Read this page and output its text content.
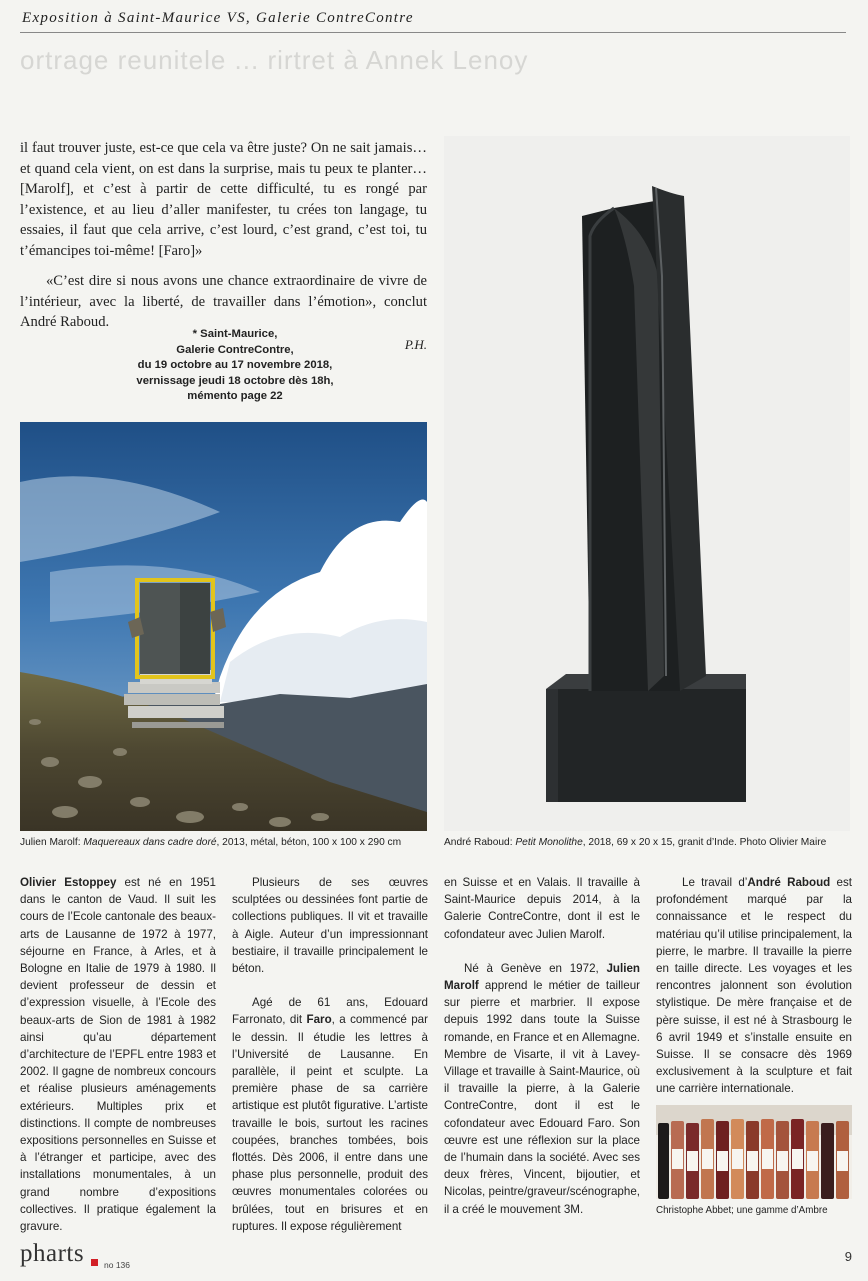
Exposition à Saint-Maurice VS, Galerie ContreContre
ortrage reunitele ... rirtret à Annek Lenoy

il faut trouver juste, est-ce que cela va être juste? On ne sait jamais… et quand cela vient, on est dans la surprise, mais tu peux te planter… [Marolf], et c’est à partir de cette difficulté, tu es rongé par l’existence, et au lieu d’aller manifester, tu crées ton langage, tu essaies, il faut que cela arrive, c’est lourd, c’est grand, c’est toi, tu t’émancipes toi-même! [Faro]»

«C’est dire si nous avons une chance extraordinaire de vivre de l’intérieur, avec la liberté, de travailler dans l’émotion», conclut André Raboud.

P.H.

* Saint-Maurice,
Galerie ContreContre,
du 19 octobre au 17 novembre 2018,
vernissage jeudi 18 octobre dès 18h,
mémento page 22
Julien Marolf: Maquereaux dans cadre doré, 2013, métal, béton, 100 x 100 x 290 cm	André Raboud: Petit Monolithe, 2018, 69 x 20 x 15, granit d’Inde. Photo Olivier Maire

Olivier Estoppey est né en 1951 dans le canton de Vaud. Il suit les cours de l’Ecole cantonale des beaux-arts de Lausanne de 1972 à 1977, séjourne en France, à Arles, et à Bologne en Italie de 1979 à 1980. Il devient professeur de dessin et d’expression visuelle, à l’Ecole des beaux-arts de Sion de 1981 à 1982 ainsi qu’au département d’architecture de l’EPFL entre 1983 et 2002. Il gagne de nombreux concours et réalise plusieurs aménagements extérieurs. Multiples prix et distinctions. Il compte de nombreuses expositions personnelles en Suisse et à l’étranger et participe, avec des installations monumentales, à un grand nombre d’expositions collectives. Il pratique également la gravure.

Plusieurs de ses œuvres sculptées ou dessinées font partie de collections publiques. Il vit et travaille à Aigle. Auteur d’un impressionnant bestiaire, il travaille principalement le béton.

Agé de 61 ans, Edouard Farronato, dit Faro, a commencé par le dessin. Il étudie les lettres à l’Université de Lausanne. En parallèle, il peint et sculpte. La première phase de sa carrière artistique est plutôt figurative. L’artiste travaille le bois, surtout les racines coupées, branches tombées, bois flottés. Dès 2006, il entre dans une phase plus personnelle, produit des œuvres monumentales colorées ou brûlées, tout en brisures et en ruptures. Il expose régulièrement

en Suisse et en Valais. Il travaille à Saint-Maurice depuis 2014, à la Galerie ContreContre, dont il est le cofondateur avec Julien Marolf.

Né à Genève en 1972, Julien Marolf apprend le métier de tailleur sur pierre et marbrier. Il expose depuis 1992 dans toute la Suisse romande, en France et en Allemagne. Membre de Visarte, il vit à Lavey-Village et travaille à Saint-Maurice, où il travaille la pierre, à la Galerie ContreContre, dont il est le cofondateur avec Edouard Faro. Son œuvre est une réflexion sur la place de l’humain dans la société. Avec ses deux frères, Vincent, bijoutier, et Nicolas, peintre/graveur/scénographe, il a créé le mouvement 3M.

Le travail d’André Raboud est profondément marqué par la connaissance et le respect du matériau qu’il utilise principalement, la pierre, le marbre. Il travaille la pierre en taille directe. Les voyages et les rencontres jalonnent son évolution stylistique. De mère française et de père suisse, il est né à Strasbourg le 6 avril 1949 et s’installe ensuite en Suisse. Il se consacre dès 1969 exclusivement à la sculpture et fait une carrière internationale.

Christophe Abbet; une gamme d’Ambre
pharts no 136
9
